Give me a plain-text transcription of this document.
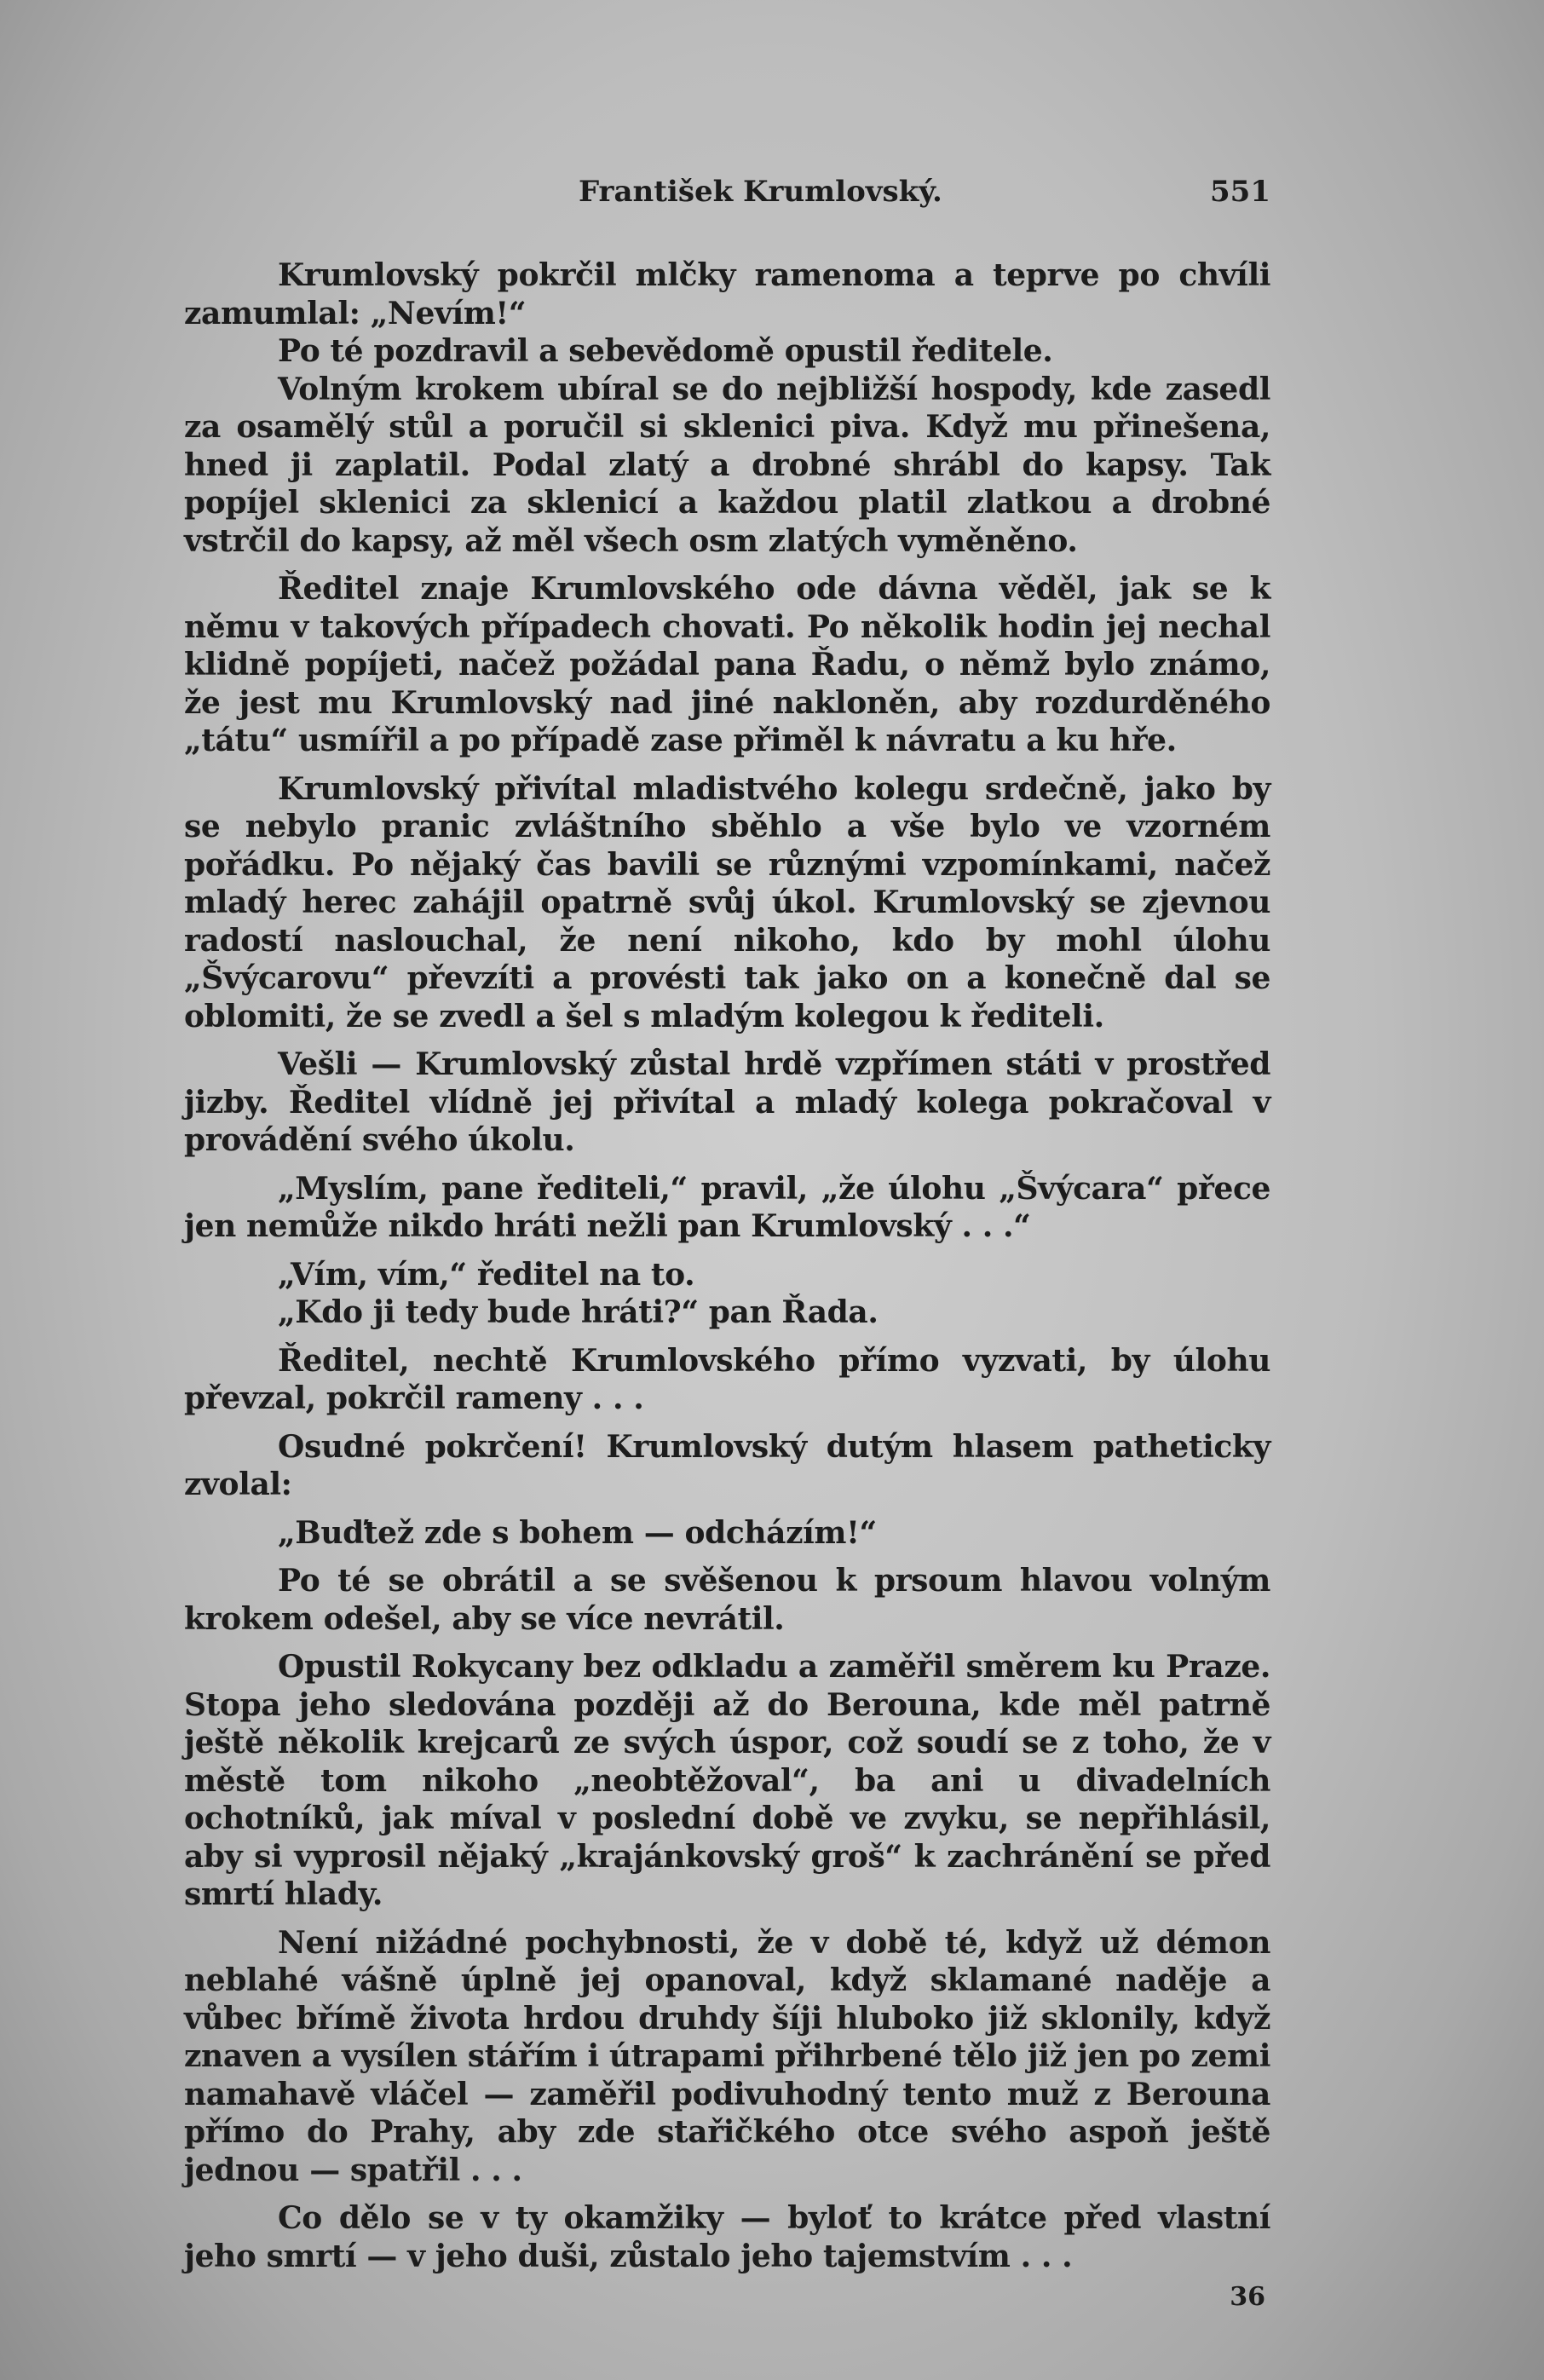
František Krumlovský.	551

Krumlovský pokrčil mlčky ramenoma a teprve po chvíli zamumlal: „Nevím!“

Po té pozdravil a sebevědomě opustil ředitele.

Volným krokem ubíral se do nejbližší hospody, kde zasedl za osamělý stůl a poručil si sklenici piva. Když mu přinešena, hned ji zaplatil. Podal zlatý a drobné shrábl do kapsy. Tak popíjel sklenici za sklenicí a každou platil zlatkou a drobné vstrčil do kapsy, až měl všech osm zlatých vyměněno.

Ředitel znaje Krumlovského ode dávna věděl, jak se k němu v takových případech chovati. Po několik hodin jej nechal klidně popíjeti, načež požádal pana Řadu, o němž bylo známo, že jest mu Krumlovský nad jiné nakloněn, aby rozdurděného „tátu“ usmířil a po případě zase přiměl k návratu a ku hře.

Krumlovský přivítal mladistvého kolegu srdečně, jako by se nebylo pranic zvláštního sběhlo a vše bylo ve vzorném pořádku. Po nějaký čas bavili se různými vzpomínkami, načež mladý herec zahájil opatrně svůj úkol. Krumlovský se zjevnou radostí naslouchal, že není nikoho, kdo by mohl úlohu „Švýcarovu“ převzíti a provésti tak jako on a konečně dal se oblomiti, že se zvedl a šel s mladým kolegou k řediteli.

Vešli — Krumlovský zůstal hrdě vzpřímen státi v prostřed jizby. Ředitel vlídně jej přivítal a mladý kolega pokračoval v provádění svého úkolu.

„Myslím, pane řediteli,“ pravil, „že úlohu „Švýcara“ přece jen nemůže nikdo hráti nežli pan Krumlovský . . .“

„Vím, vím,“ ředitel na to.

„Kdo ji tedy bude hráti?“ pan Řada.

Ředitel, nechtě Krumlovského přímo vyzvati, by úlohu převzal, pokrčil rameny . . .

Osudné pokrčení! Krumlovský dutým hlasem patheticky zvolal:

„Buďtež zde s bohem — odcházím!“

Po té se obrátil a se svěšenou k prsoum hlavou volným krokem odešel, aby se více nevrátil.

Opustil Rokycany bez odkladu a zaměřil směrem ku Praze. Stopa jeho sledována později až do Berouna, kde měl patrně ještě několik krejcarů ze svých úspor, což soudí se z toho, že v městě tom nikoho „neobtěžoval“, ba ani u divadelních ochotníků, jak míval v poslední době ve zvyku, se nepřihlásil, aby si vyprosil nějaký „krajánkovský groš“ k zachránění se před smrtí hlady.

Není nižádné pochybnosti, že v době té, když už démon neblahé vášně úplně jej opanoval, když sklamané naděje a vůbec břímě života hrdou druhdy šíji hluboko již sklonily, když znaven a vysílen stářím i útrapami přihrbené tělo již jen po zemi namahavě vláčel — zaměřil podivuhodný tento muž z Berouna přímo do Prahy, aby zde stařičkého otce svého aspoň ještě jednou — spatřil . . .

Co dělo se v ty okamžiky — byloť to krátce před vlastní jeho smrtí — v jeho duši, zůstalo jeho tajemstvím . . .

36
